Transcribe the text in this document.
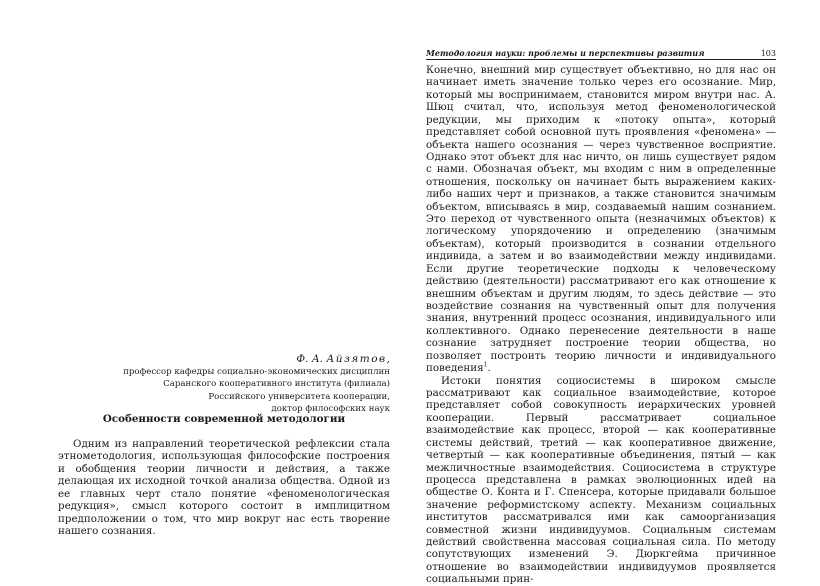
Ф. А. Айзятов,
профессор кафедры социально-экономических дисциплин
Саранского кооперативного института (филиала)
Российского университета кооперации,
доктор философских наук
Особенности современной методологии

Одним из направлений теоретической рефлексии стала этнометодология, использующая философские построения и обобщения теории личности и действия, а также делающая их исходной точкой анализа общества. Одной из ее главных черт стало понятие «феноменологическая редукция», смысл которого состоит в имплицитном предположении о том, что мир вокруг нас есть творение нашего сознания.

Методология науки: проблемы и перспективы развития	103

Конечно, внешний мир существует объективно, но для нас он начинает иметь значение только через его осознание. Мир, который мы воспринимаем, становится миром внутри нас. А. Шюц считал, что, используя метод феноменологической редукции, мы приходим к «потоку опыта», который представляет собой основной путь проявления «феномена» — объекта нашего осознания — через чувственное восприятие. Однако этот объект для нас ничто, он лишь существует рядом с нами. Обозначая объект, мы входим с ним в определенные отношения, поскольку он начинает быть выражением каких-либо наших черт и признаков, а также становится значимым объектом, вписываясь в мир, создаваемый нашим сознанием. Это переход от чувственного опыта (незначимых объектов) к логическому упорядочению и определению (значимым объектам), который производится в сознании отдельного индивида, а затем и во взаимодействии между индивидами. Если другие теоретические подходы к человеческому действию (деятельности) рассматривают его как отношение к внешним объектам и другим людям, то здесь действие — это воздействие сознания на чувственный опыт для получения знания, внутренний процесс осознания, индивидуального или коллективного. Однако перенесение деятельности в наше сознание затрудняет построение теории общества, но позволяет построить теорию личности и индивидуального поведения$^1$.

Истоки понятия социосистемы в широком смысле рассматривают как социальное взаимодействие, которое представляет собой совокупность иерархических уровней кооперации. Первый рассматривает социальное взаимодействие как процесс, второй — как кооперативные системы действий, третий — как кооперативное движение, четвертый — как кооперативные объединения, пятый — как межличностные взаимодействия. Социосистема в структуре процесса представлена в рамках эволюционных идей на обществе О. Конта и Г. Спенсера, которые придавали большое значение реформистскому аспекту. Механизм социальных институтов рассматривался ими как самоорганизация совместной жизни индивидуумов. Социальным системам действий свойственна массовая социальная сила. По методу сопутствующих изменений Э. Дюркгейма причинное отношение во взаимодействии индивидуумов проявляется социальными прин-
